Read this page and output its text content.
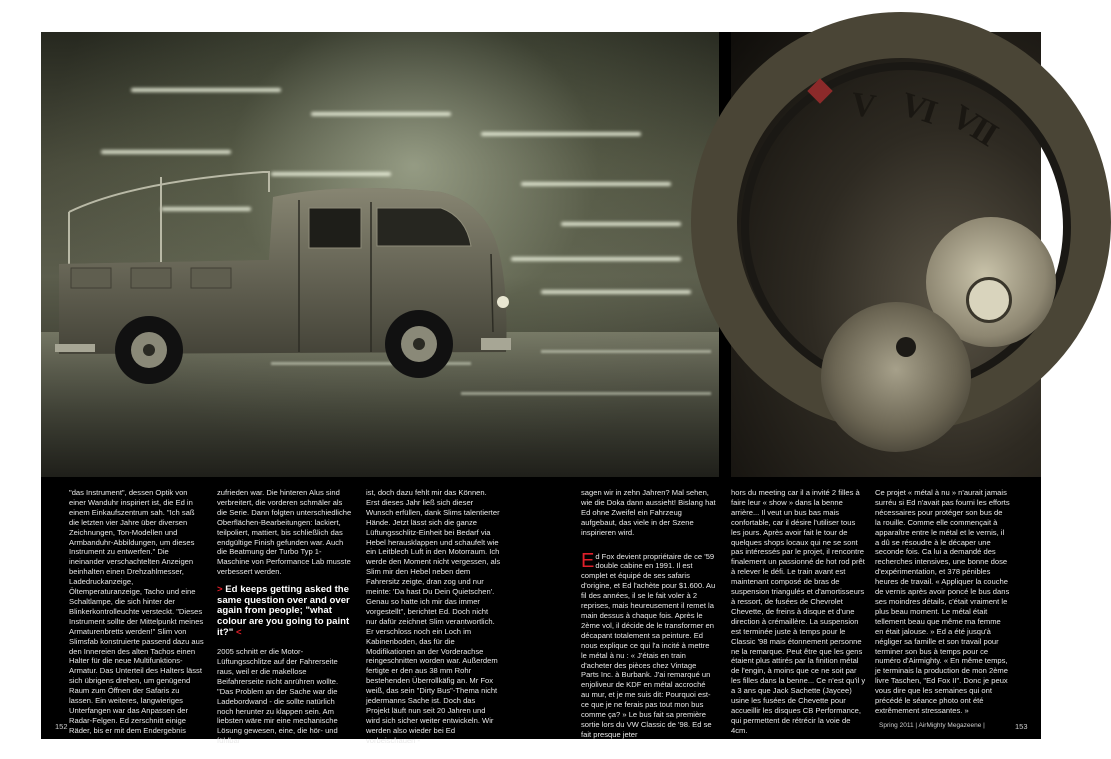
V VI VII

"das Instrument", dessen Optik von einer Wanduhr inspiriert ist, die Ed in einem Einkaufszentrum sah. "Ich saß die letzten vier Jahre über diversen Zeichnungen, Ton-Modellen und Armbanduhr-Abbildungen, um dieses Instrument zu entwerfen." Die ineinander verschachtelten Anzeigen beinhalten einen Drehzahlmesser, Ladedruckanzeige, Öltemperaturanzeige, Tacho und eine Schaltlampe, die sich hinter der Blinkerkontrolleuchte versteckt. "Dieses Instrument sollte der Mittelpunkt meines Armaturenbretts werden!" Slim von Slimsfab konstruierte passend dazu aus den Innereien des alten Tachos einen Halter für die neue Multifunktions-Armatur. Das Unterteil des Halters lässt sich übrigens drehen, um genügend Raum zum Öffnen der Safaris zu lassen. Ein weiteres, langwieriges Unterfangen war das Anpassen der Radar-Felgen. Ed zerschnitt einige Räder, bis er mit dem Endergebnis

zufrieden war. Die hinteren Alus sind verbreitert, die vorderen schmäler als die Serie. Dann folgten unterschiedliche Oberflächen-Bearbeitungen: lackiert, teilpoliert, mattiert, bis schließlich das endgültige Finish gefunden war. Auch die Beatmung der Turbo Typ 1-Maschine von Performance Lab musste verbessert werden.

> Ed keeps getting asked the same question over and over again from people; "what colour are you going to paint it?" <

2005 schnitt er die Motor-Lüftungsschlitze auf der Fahrerseite raus, weil er die makellose Beifahrerseite nicht anrühren wollte. "Das Problem an der Sache war die Ladebordwand - die sollte natürlich noch herunter zu klappen sein. Am liebsten wäre mir eine mechanische Lösung gewesen, eine, die hör- und fühlbar

ist, doch dazu fehlt mir das Können. Erst dieses Jahr ließ sich dieser Wunsch erfüllen, dank Slims talentierter Hände. Jetzt lässt sich die ganze Lüftungsschlitz-Einheit bei Bedarf via Hebel herausklappen und schaufelt wie ein Leitblech Luft in den Motorraum. Ich werde den Moment nicht vergessen, als Slim mir den Hebel neben dem Fahrersitz zeigte, dran zog und nur meinte: 'Da hast Du Dein Quietschen'. Genau so hatte ich mir das immer vorgestellt", berichtet Ed. Doch nicht nur dafür zeichnet Slim verantwortlich. Er verschloss noch ein Loch im Kabinenboden, das für die Modifikationen an der Vorderachse reingeschnitten worden war. Außerdem fertigte er den aus 38 mm Rohr bestehenden Überrollkäfig an. Mr Fox weiß, das sein "Dirty Bus"-Thema nicht jedermanns Sache ist. Doch das Projekt läuft nun seit 20 Jahren und wird sich sicher weiter entwickeln. Wir werden also wieder bei Ed vorbeischauen -

sagen wir in zehn Jahren? Mal sehen, wie die Doka dann aussieht! Bislang hat Ed ohne Zweifel ein Fahrzeug aufgebaut, das viele in der Szene inspirieren wird.

Ed Fox devient propriétaire de ce '59 double cabine en 1991. Il est complet et équipé de ses safaris d'origine, et Ed l'achète pour $1.600. Au fil des années, il se le fait voler à 2 reprises, mais heureusement il remet la main dessus à chaque fois. Après le 2ème vol, il décide de le transformer en décapant totalement sa peinture. Ed nous explique ce qui l'a incité à mettre le métal à nu : « J'étais en train d'acheter des pièces chez Vintage Parts Inc. à Burbank. J'ai remarqué un enjoliveur de KDF en métal accroché au mur, et je me suis dit: Pourquoi est-ce que je ne ferais pas tout mon bus comme ça? » Le bus fait sa première sortie lors du VW Classic de '98. Ed se fait presque jeter

hors du meeting car il a invité 2 filles à faire leur « show » dans la benne arrière... Il veut un bus bas mais confortable, car il désire l'utiliser tous les jours. Après avoir fait le tour de quelques shops locaux qui ne se sont pas intéressés par le projet, il rencontre finalement un passionné de hot rod prêt à relever le défi. Le train avant est maintenant composé de bras de suspension triangulés et d'amortisseurs à ressort, de fusées de Chevrolet Chevette, de freins à disque et d'une direction à crémaillère. La suspension est terminée juste à temps pour le Classic '98 mais étonnement personne ne la remarque. Peut être que les gens étaient plus attirés par la finition métal de l'engin, à moins que ce ne soit par les filles dans la benne... Ce n'est qu'il y a 3 ans que Jack Sachette (Jaycee) usine les fusées de Chevette pour accueillir les disques CB Performance, qui permettent de rétrécir la voie de 4cm.

Ce projet « métal à nu » n'aurait jamais surréu si Ed n'avait pas fourni les efforts nécessaires pour protéger son bus de la rouille. Comme elle commençait à apparaître entre le métal et le vernis, il a dû se résoudre à le décaper une seconde fois. Ca lui a demandé des recherches intensives, une bonne dose d'expérimentation, et 378 pénibles heures de travail. « Appliquer la couche de vernis après avoir poncé le bus dans ses moindres détails, c'était vraiment le plus beau moment. Le métal était tellement beau que même ma femme en était jalouse. » Ed a été jusqu'à négliger sa famille et son travail pour terminer son bus à temps pour ce numéro d'Airmighty. « En même temps, je terminais la production de mon 2ème livre Taschen, "Ed Fox II". Donc je peux vous dire que les semaines qui ont précédé le séance photo ont été extrêmement stressantes. »

152	Spring 2011 | AirMighty Megazeene |	153
